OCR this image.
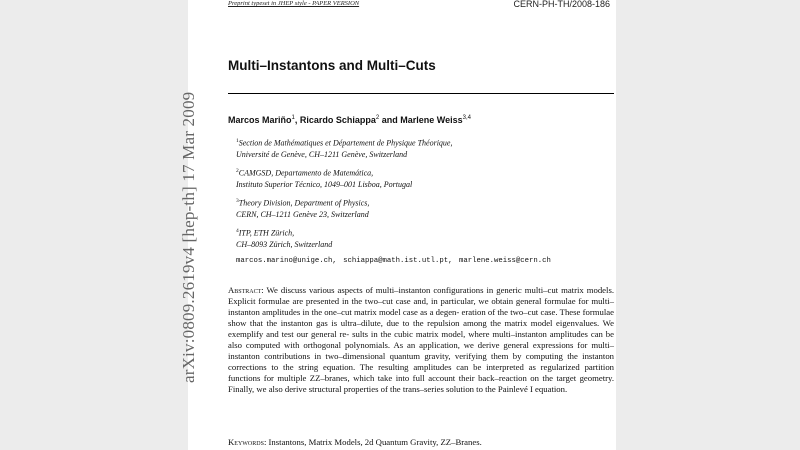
Preprint typeset in JHEP style - PAPER VERSION	CERN-PH-TH/2008-186
arXiv:0809.2619v4 [hep-th] 17 Mar 2009
Multi–Instantons and Multi–Cuts
Marcos Mariño$^1$, Ricardo Schiappa$^2$ and Marlene Weiss$^{3,4}$
$^1$Section de Mathématiques et Département de Physique Théorique,
Université de Genève, CH–1211 Genève, Switzerland
$^2$CAMGSD, Departamento de Matemática,
Instituto Superior Técnico, 1049–001 Lisboa, Portugal
$^3$Theory Division, Department of Physics,
CERN, CH–1211 Genève 23, Switzerland
$^4$ITP, ETH Zürich,
CH–8093 Zürich, Switzerland
marcos.marino@unige.ch, schiappa@math.ist.utl.pt, marlene.weiss@cern.ch
Abstract: We discuss various aspects of multi–instanton configurations in generic multi–cut matrix models. Explicit formulae are presented in the two–cut case and, in particular, we obtain general formulae for multi–instanton amplitudes in the one–cut matrix model case as a degen- eration of the two–cut case. These formulae show that the instanton gas is ultra–dilute, due to the repulsion among the matrix model eigenvalues. We exemplify and test our general re- sults in the cubic matrix model, where multi–instanton amplitudes can be also computed with orthogonal polynomials. As an application, we derive general expressions for multi–instanton contributions in two–dimensional quantum gravity, verifying them by computing the instanton corrections to the string equation. The resulting amplitudes can be interpreted as regularized partition functions for multiple ZZ–branes, which take into full account their back–reaction on the target geometry. Finally, we also derive structural properties of the trans–series solution to the Painlevé I equation.
Keywords: Instantons, Matrix Models, 2d Quantum Gravity, ZZ–Branes.
